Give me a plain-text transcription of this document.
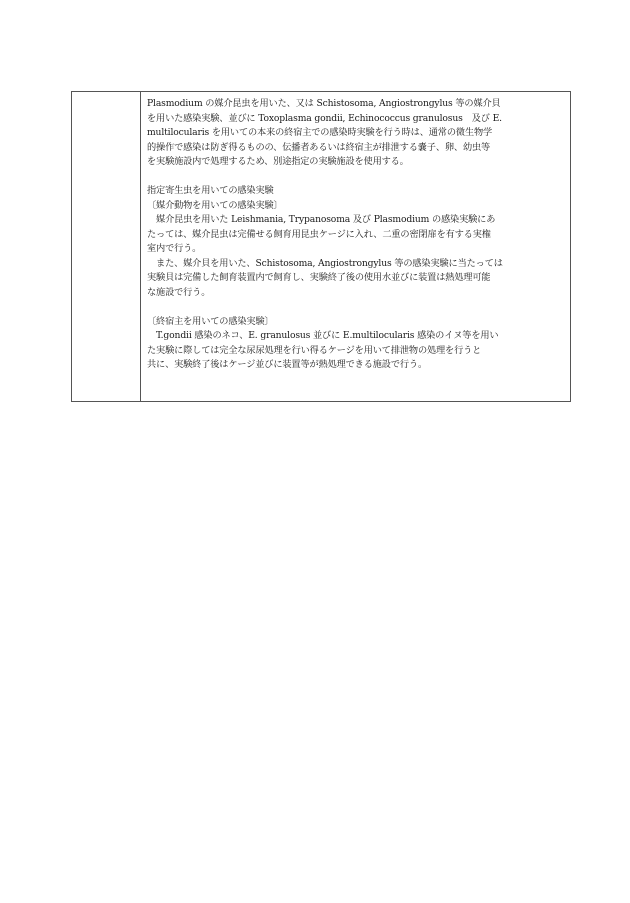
Plasmodium の媒介昆虫を用いた、又は Schistosoma, Angiostrongylus 等の媒介貝
を用いた感染実験、並びに Toxoplasma gondii, Echinococcus granulosus　及び E.
multilocularis を用いての本来の終宿主での感染時実験を行う時は、通常の微生物学
的操作で感染は防ぎ得るものの、伝播者あるいは終宿主が排泄する嚢子、卵、幼虫等
を実験施設内で処理するため、別途指定の実験施設を使用する。
指定寄生虫を用いての感染実験
〔媒介動物を用いての感染実験〕
　媒介昆虫を用いた Leishmania, Trypanosoma 及び Plasmodium の感染実験にあ
たっては、媒介昆虫は完備せる飼育用昆虫ケージに入れ、二重の密閉扉を有する実権
室内で行う。
　また、媒介貝を用いた、Schistosoma, Angiostrongylus 等の感染実験に当たっては
実験貝は完備した飼育装置内で飼育し、実験終了後の使用水並びに装置は熱処理可能
な施設で行う。
〔終宿主を用いての感染実験〕
　T.gondii 感染のネコ、E. granulosus 並びに E.multilocularis 感染のイヌ等を用い
た実験に際しては完全な尿尿処理を行い得るケージを用いて排泄物の処理を行うと
共に、実験終了後はケージ並びに装置等が熱処理できる施設で行う。
